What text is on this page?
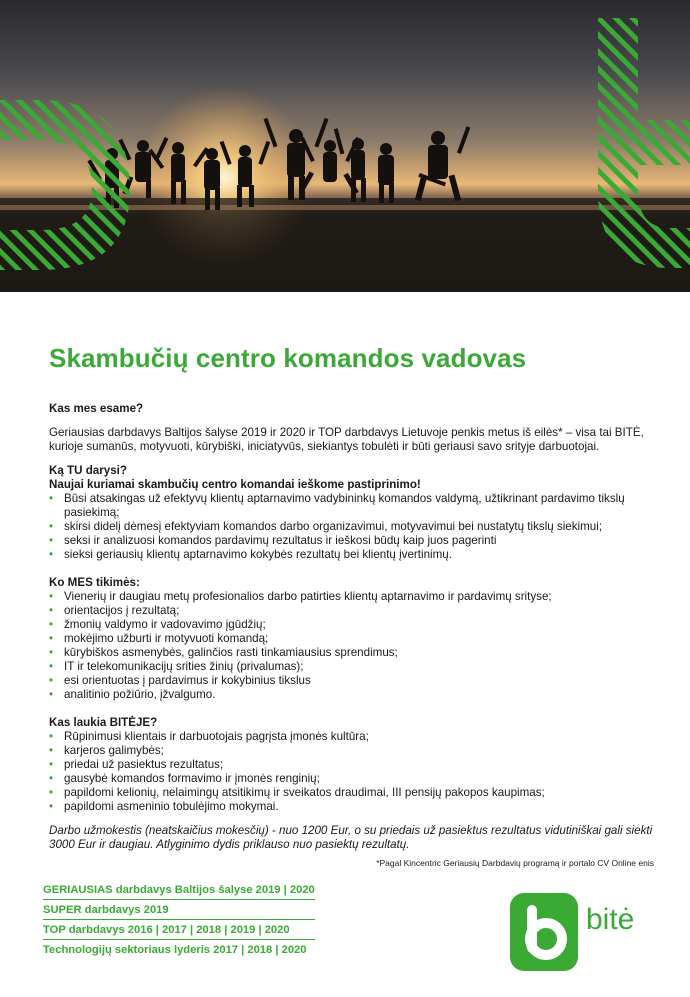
Skambučių centro komandos vadovas
Kas mes esame?
Geriausias darbdavys Baltijos šalyse 2019 ir 2020 ir TOP darbdavys Lietuvoje penkis metus iš eilės* – visa tai BITĖ, kurioje sumanūs, motyvuoti, kūrybiški, iniciatyvūs, siekiantys tobulėti ir būti geriausi savo srityje darbuotojai.
Ką TU darysi?
Naujai kuriamai skambučių centro komandai ieškome pastiprinimo!
• Būsi atsakingas už efektyvų klientų aptarnavimo vadybininkų komandos valdymą, užtikrinant pardavimo tikslų pasiekimą;
• skirsi didelį dėmesį efektyviam komandos darbo organizavimui, motyvavimui bei nustatytų tikslų siekimui;
• seksi ir analizuosi komandos pardavimų rezultatus ir ieškosi būdų kaip juos pagerinti
• sieksi geriausių klientų aptarnavimo kokybės rezultatų bei klientų įvertinimų.
Ko MES tikimės:
• Vienerių ir daugiau metų profesionalios darbo patirties klientų aptarnavimo ir pardavimų srityse;
• orientacijos į rezultatą;
• žmonių valdymo ir vadovavimo įgūdžių;
• mokėjimo užburti ir motyvuoti komandą;
• kūrybiškos asmenybės, galinčios rasti tinkamiausius sprendimus;
• IT ir telekomunikacijų srities žinių (privalumas);
• esi orientuotas į pardavimus ir kokybinius tikslus
• analitinio požiūrio, įžvalgumo.
Kas laukia BITĖJE?
• Rūpinimusi klientais ir darbuotojais pagrįsta įmonės kultūra;
• karjeros galimybės;
• priedai už pasiektus rezultatus;
• gausybė komandos formavimo ir įmonės renginių;
• papildomi kelionių, nelaimingų atsitikimų ir sveikatos draudimai, III pensijų pakopos kaupimas;
• papildomi asmeninio tobulėjimo mokymai.
Darbo užmokestis (neatskaičius mokesčių) - nuo 1200 Eur, o su priedais už pasiektus rezultatus vidutiniškai gali siekti 3000 Eur ir daugiau. Atlyginimo dydis priklauso nuo pasiektų rezultatų.
*Pagal Kincentric Geriausių Darbdavių programą ir portalo CV Online enis
GERIAUSIAS darbdavys Baltijos šalyse 2019 | 2020
SUPER darbdavys 2019
TOP darbdavys 2016 | 2017 | 2018 | 2019 | 2020
Technologijų sektoriaus lyderis 2017 | 2018 | 2020
bitė
